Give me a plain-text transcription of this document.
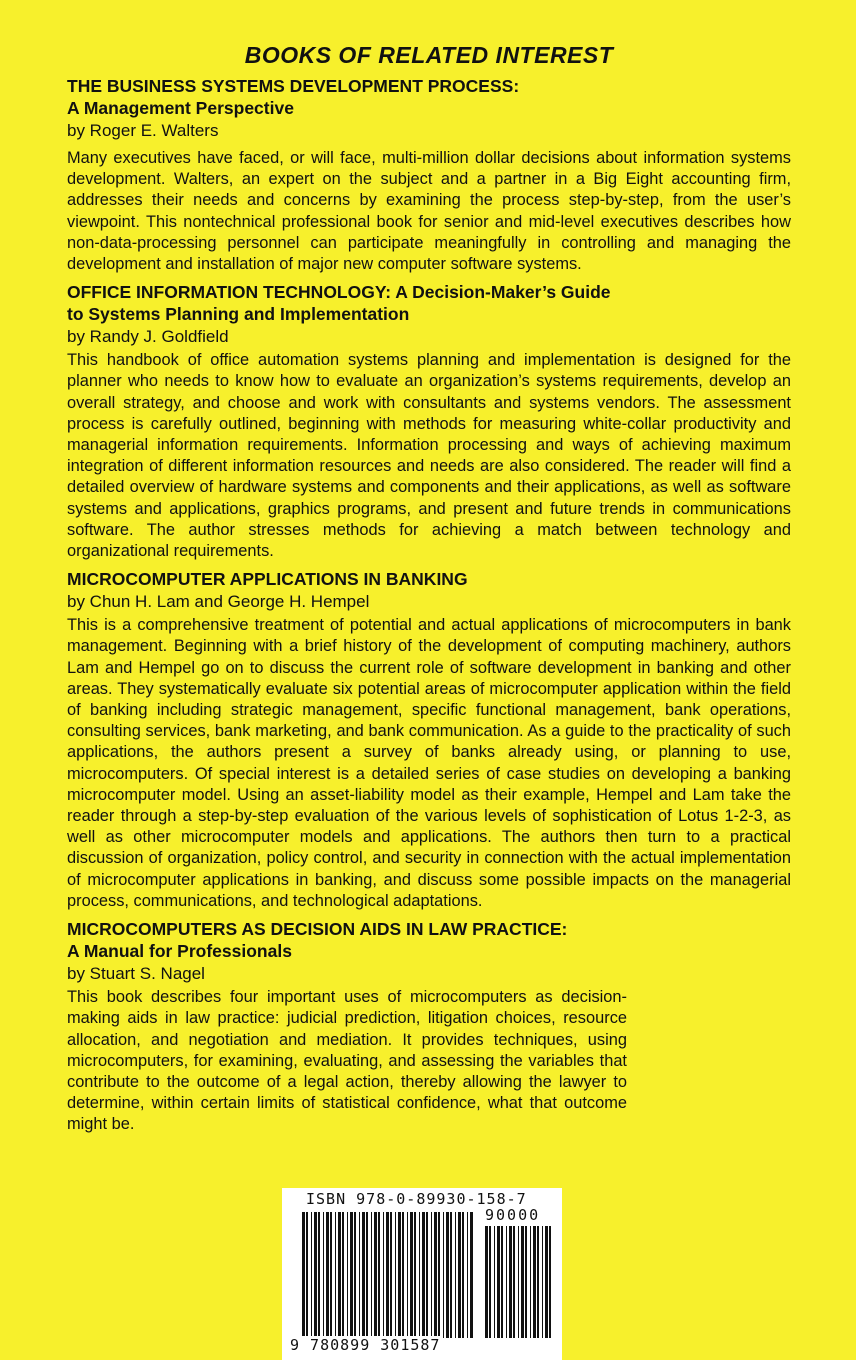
BOOKS OF RELATED INTEREST
THE BUSINESS SYSTEMS DEVELOPMENT PROCESS:
A Management Perspective
by Roger E. Walters

Many executives have faced, or will face, multi-million dollar decisions about information systems development. Walters, an expert on the subject and a partner in a Big Eight accounting firm, addresses their needs and concerns by examining the process step-by-step, from the user’s viewpoint. This nontechnical professional book for senior and mid-level executives describes how non-data-processing personnel can participate meaningfully in controlling and managing the development and installation of major new computer software systems.

OFFICE INFORMATION TECHNOLOGY: A Decision-Maker’s Guide
to Systems Planning and Implementation
by Randy J. Goldfield

This handbook of office automation systems planning and implementation is designed for the planner who needs to know how to evaluate an organization’s systems requirements, develop an overall strategy, and choose and work with consultants and systems vendors. The assessment process is carefully outlined, beginning with methods for measuring white-collar productivity and managerial information requirements. Information processing and ways of achieving maximum integration of different information resources and needs are also considered. The reader will find a detailed overview of hardware systems and components and their applications, as well as software systems and applications, graphics programs, and present and future trends in communications software. The author stresses methods for achieving a match between technology and organizational requirements.

MICROCOMPUTER APPLICATIONS IN BANKING
by Chun H. Lam and George H. Hempel

This is a comprehensive treatment of potential and actual applications of microcomputers in bank management. Beginning with a brief history of the development of computing machinery, authors Lam and Hempel go on to discuss the current role of software development in banking and other areas. They systematically evaluate six potential areas of microcomputer application within the field of banking including strategic management, specific functional management, bank operations, consulting services, bank marketing, and bank communication. As a guide to the practicality of such applications, the authors present a survey of banks already using, or planning to use, microcomputers. Of special interest is a detailed series of case studies on developing a banking microcomputer model. Using an asset-liability model as their example, Hempel and Lam take the reader through a step-by-step evaluation of the various levels of sophistication of Lotus 1-2-3, as well as other microcomputer models and applications. The authors then turn to a practical discussion of organization, policy control, and security in connection with the actual implementation of microcomputer applications in banking, and discuss some possible impacts on the managerial process, communications, and technological adaptations.

MICROCOMPUTERS AS DECISION AIDS IN LAW PRACTICE:
A Manual for Professionals
by Stuart S. Nagel

This book describes four important uses of microcomputers as decision-making aids in law practice: judicial prediction, litigation choices, resource allocation, and negotiation and mediation. It provides techniques, using microcomputers, for examining, evaluating, and assessing the variables that contribute to the outcome of a legal action, thereby allowing the lawyer to determine, within certain limits of statistical confidence, what that outcome might be.

ISBN 978-0-89930-158-7
90000
9 780899 301587
